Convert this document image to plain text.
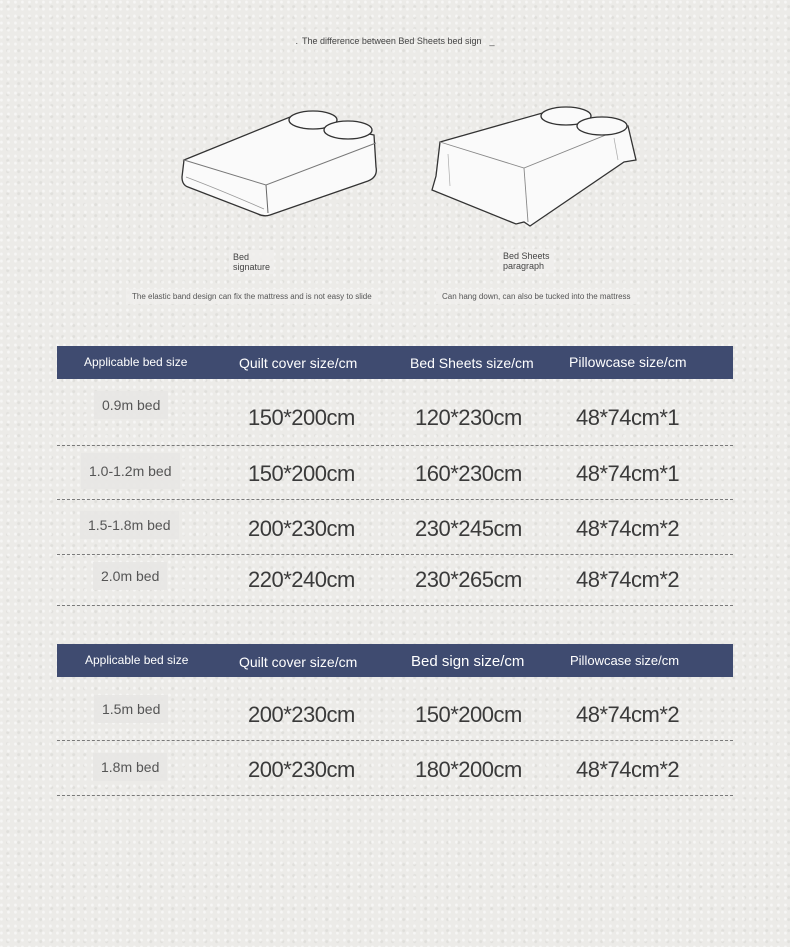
. The difference between Bed Sheets bed sign _
Bed
signature
Bed Sheets
paragraph
The elastic band design can fix the mattress and is not easy to slide	Can hang down, can also be tucked into the mattress
Applicable bed size	Quilt cover size/cm	Bed Sheets size/cm	Pillowcase size/cm
0.9m bed	150*200cm	120*230cm 48*74cm*1
1.0-1.2m bed	150*200cm	160*230cm 48*74cm*1
1.5-1.8m bed	200*230cm	230*245cm 48*74cm*2
2.0m bed	220*240cm	230*265cm 48*74cm*2
Applicable bed size	Quilt cover size/cm	Bed sign size/cm	Pillowcase size/cm
1.5m bed	200*230cm	150*200cm 48*74cm*2
1.8m bed	200*230cm	180*200cm 48*74cm*2
